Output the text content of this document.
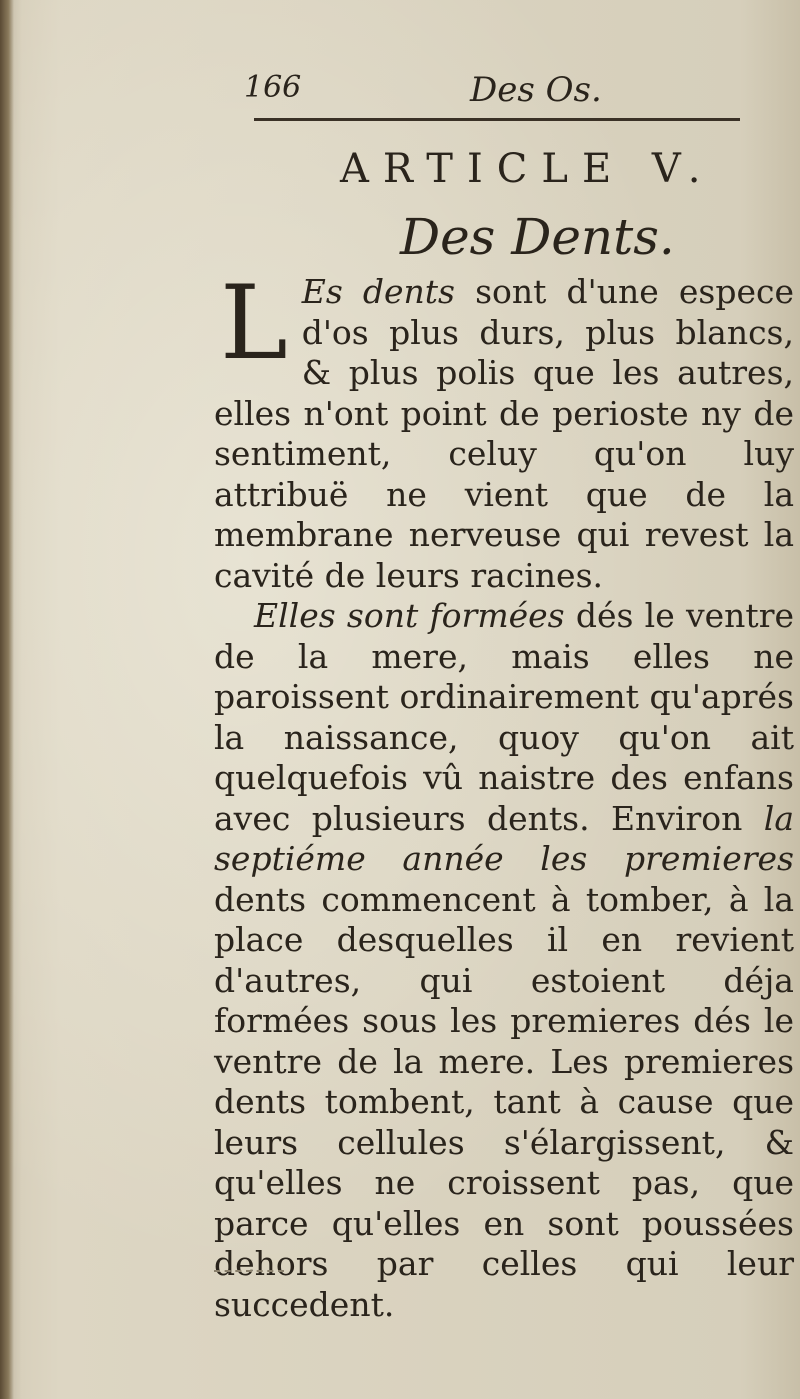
166	Des Os.
ARTICLE V.
Des Dents.

L Es dents sont d'une espece d'os plus durs, plus blancs, & plus polis que les autres, elles n'ont point de perioste ny de sentiment, celuy qu'on luy attribuë ne vient que de la membrane nerveuse qui revest la cavité de leurs racines.

Elles sont formées dés le ventre de la mere, mais elles ne paroissent ordinairement qu'aprés la naissance, quoy qu'on ait quelquefois vû naistre des enfans avec plusieurs dents. Environ la septiéme année les premieres dents commencent à tomber, à la place desquelles il en revient d'autres, qui estoient déja formées sous les premieres dés le ventre de la mere. Les premieres dents tombent, tant à cause que leurs cellules s'élargissent, & qu'elles ne croissent pas, que parce qu'elles en sont poussées dehors par celles qui leur succedent.
